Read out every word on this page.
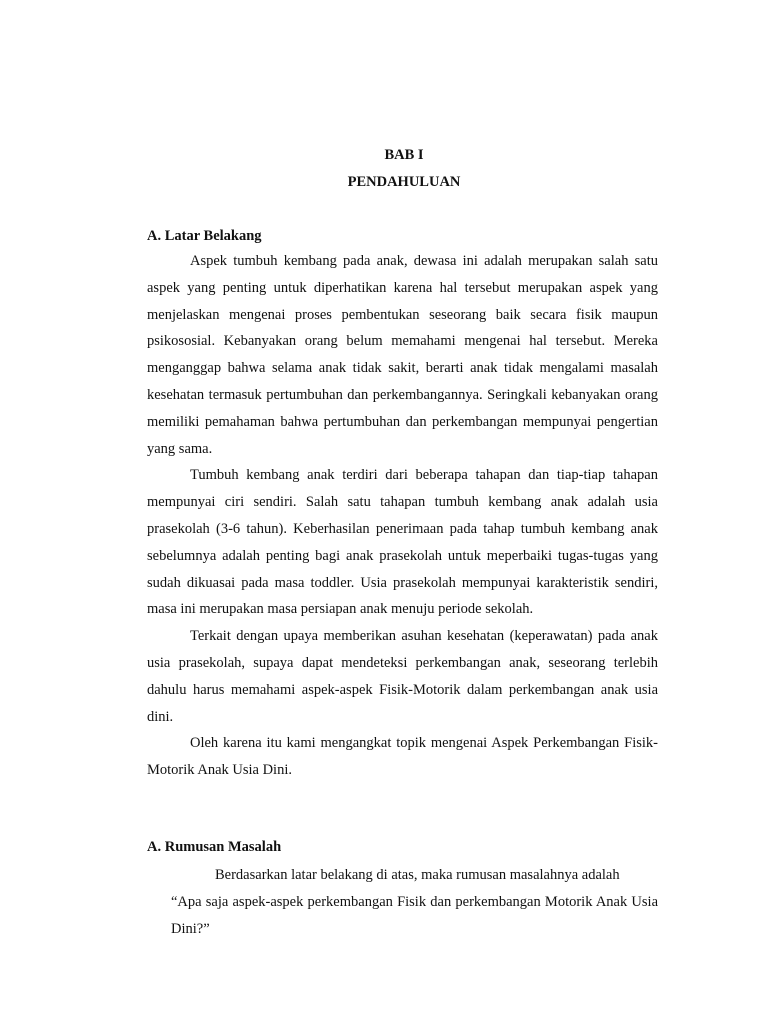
BAB I
PENDAHULUAN
A. Latar Belakang

Aspek tumbuh kembang pada anak, dewasa ini adalah merupakan salah satu aspek yang penting untuk diperhatikan karena hal tersebut merupakan aspek yang menjelaskan mengenai proses pembentukan seseorang baik secara fisik maupun psikososial. Kebanyakan orang belum memahami mengenai hal tersebut. Mereka menganggap bahwa selama anak tidak sakit, berarti anak tidak mengalami masalah kesehatan termasuk pertumbuhan dan perkembangannya. Seringkali kebanyakan orang memiliki pemahaman bahwa pertumbuhan dan perkembangan mempunyai pengertian yang sama.

Tumbuh kembang anak terdiri dari beberapa tahapan dan tiap-tiap tahapan mempunyai ciri sendiri. Salah satu tahapan tumbuh kembang anak adalah usia prasekolah (3-6 tahun). Keberhasilan penerimaan pada tahap tumbuh kembang anak sebelumnya adalah penting bagi anak prasekolah untuk meperbaiki tugas-tugas yang sudah dikuasai pada masa toddler. Usia prasekolah mempunyai karakteristik sendiri, masa ini merupakan masa persiapan anak menuju periode sekolah.

Terkait dengan upaya memberikan asuhan kesehatan (keperawatan) pada anak usia prasekolah, supaya dapat mendeteksi perkembangan anak, seseorang terlebih dahulu harus memahami aspek-aspek Fisik-Motorik dalam perkembangan anak usia dini.

Oleh karena itu kami mengangkat topik mengenai Aspek Perkembangan Fisik-Motorik Anak Usia Dini.

A. Rumusan Masalah

Berdasarkan latar belakang di atas, maka rumusan masalahnya adalah

“Apa saja aspek-aspek perkembangan Fisik dan perkembangan Motorik Anak Usia Dini?”
